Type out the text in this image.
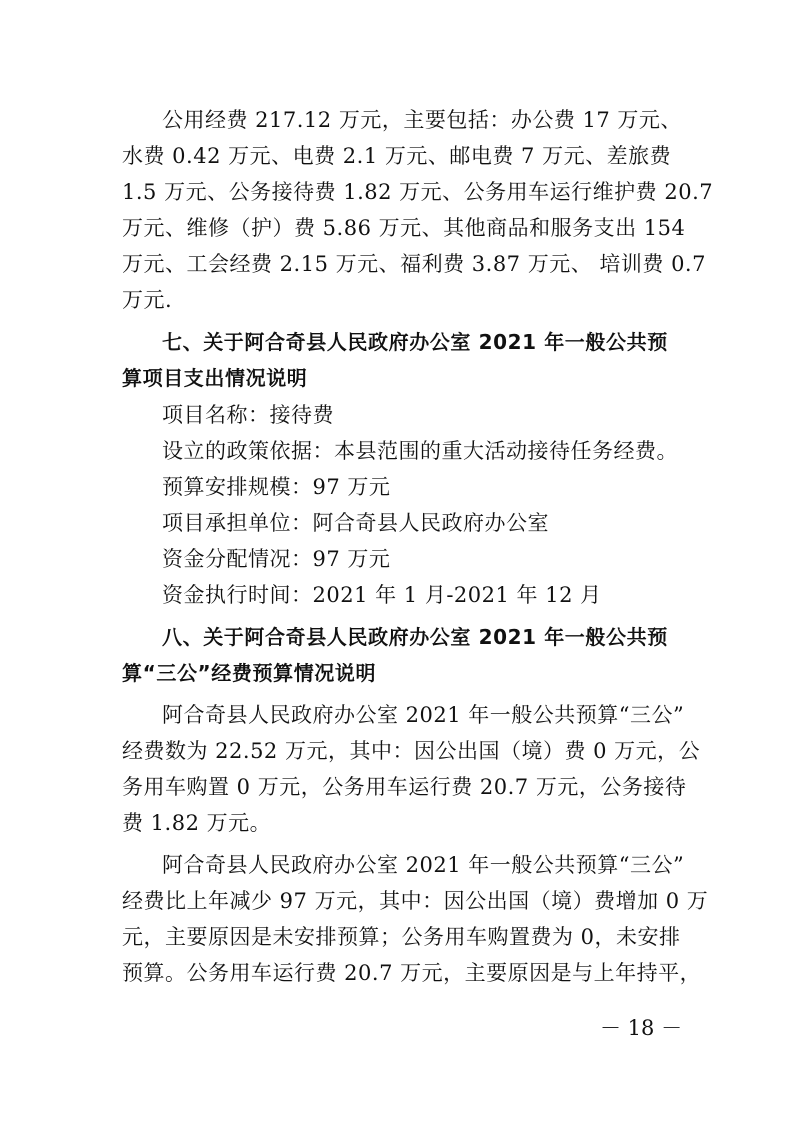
公用经费 217.12 万元，主要包括：办公费 17 万元、
水费 0.42 万元、电费 2.1 万元、邮电费 7 万元、差旅费
1.5 万元、公务接待费 1.82 万元、公务用车运行维护费 20.7
万元、维修（护）费 5.86 万元、其他商品和服务支出 154
万元、工会经费 2.15 万元、福利费 3.87 万元、 培训费 0.7
万元.
七、关于阿合奇县人民政府办公室 2021 年一般公共预
算项目支出情况说明
项目名称：接待费
设立的政策依据：本县范围的重大活动接待任务经费。
预算安排规模：97 万元
项目承担单位：阿合奇县人民政府办公室
资金分配情况：97 万元
资金执行时间：2021 年 1 月-2021 年 12 月
八、关于阿合奇县人民政府办公室 2021 年一般公共预
算“三公”经费预算情况说明
阿合奇县人民政府办公室 2021 年一般公共预算“三公”
经费数为 22.52 万元，其中：因公出国（境）费 0 万元，公
务用车购置 0 万元，公务用车运行费 20.7 万元，公务接待
费 1.82 万元。
阿合奇县人民政府办公室 2021 年一般公共预算“三公”
经费比上年减少 97 万元，其中：因公出国（境）费增加 0 万
元，主要原因是未安排预算；公务用车购置费为 0，未安排
预算。公务用车运行费 20.7 万元，主要原因是与上年持平，
－ 18 －
